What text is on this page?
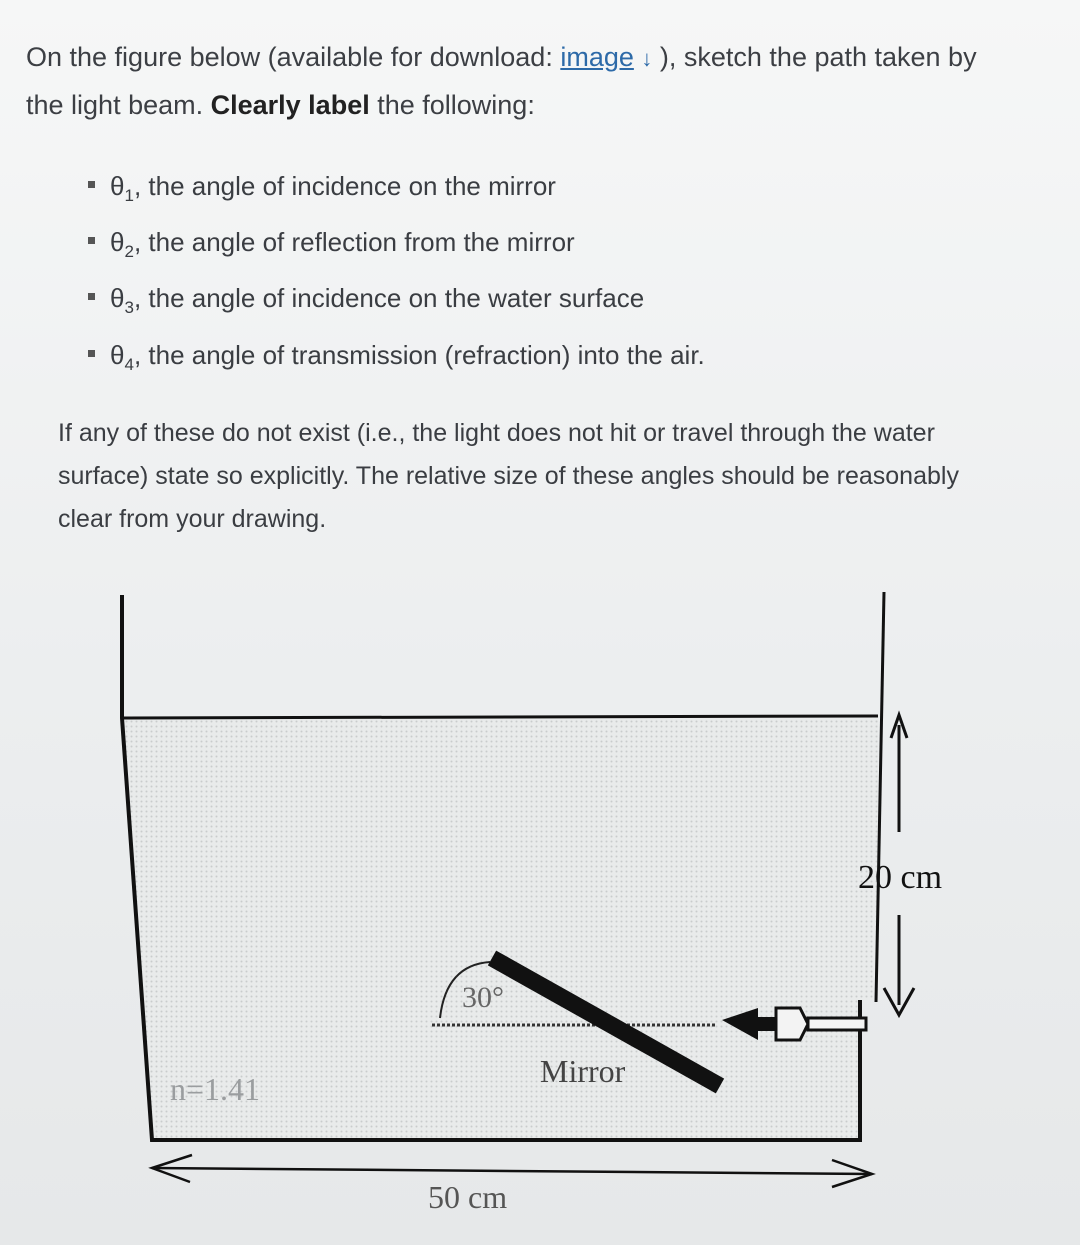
On the figure below (available for download: image ↓ ), sketch the path taken by
the light beam. Clearly label the following:
$\theta_1$, the angle of incidence on the mirror
$\theta_2$, the angle of reflection from the mirror
$\theta_3$, the angle of incidence on the water surface
$\theta_4$, the angle of transmission (refraction) into the air.
If any of these do not exist (i.e., the light does not hit or travel through the water surface) state so explicitly. The relative size of these angles should be reasonably clear from your drawing.
20 cm
50 cm
30°
Mirror
n=1.41
